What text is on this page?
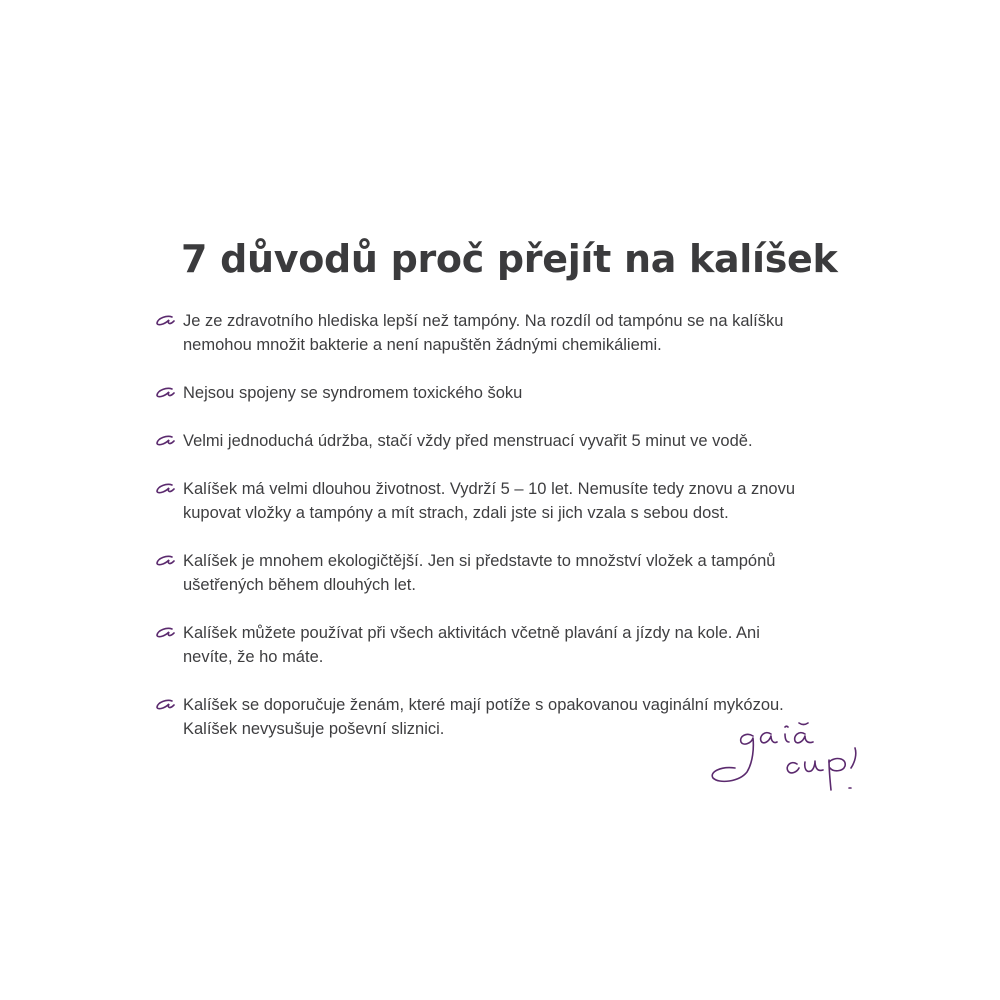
7 důvodů proč přejít na kalíšek
Je ze zdravotního hlediska lepší než tampóny. Na rozdíl od tampónu se na kalíšku
nemohou množit bakterie a není napuštěn žádnými chemikáliemi.
Nejsou spojeny se syndromem toxického šoku
Velmi jednoduchá údržba, stačí vždy před menstruací vyvařit 5 minut ve vodě.
Kalíšek má velmi dlouhou životnost. Vydrží 5 – 10 let. Nemusíte tedy znovu a znovu
kupovat vložky a tampóny a mít strach, zdali jste si jich vzala s sebou dost.
Kalíšek je mnohem ekologičtější. Jen si představte to množství vložek a tampónů
ušetřených během dlouhých let.
Kalíšek můžete používat při všech aktivitách včetně plavání a jízdy na kole. Ani
nevíte, že ho máte.
Kalíšek se doporučuje ženám, které mají potíže s opakovanou vaginální mykózou.
Kalíšek nevysušuje poševní sliznici.
